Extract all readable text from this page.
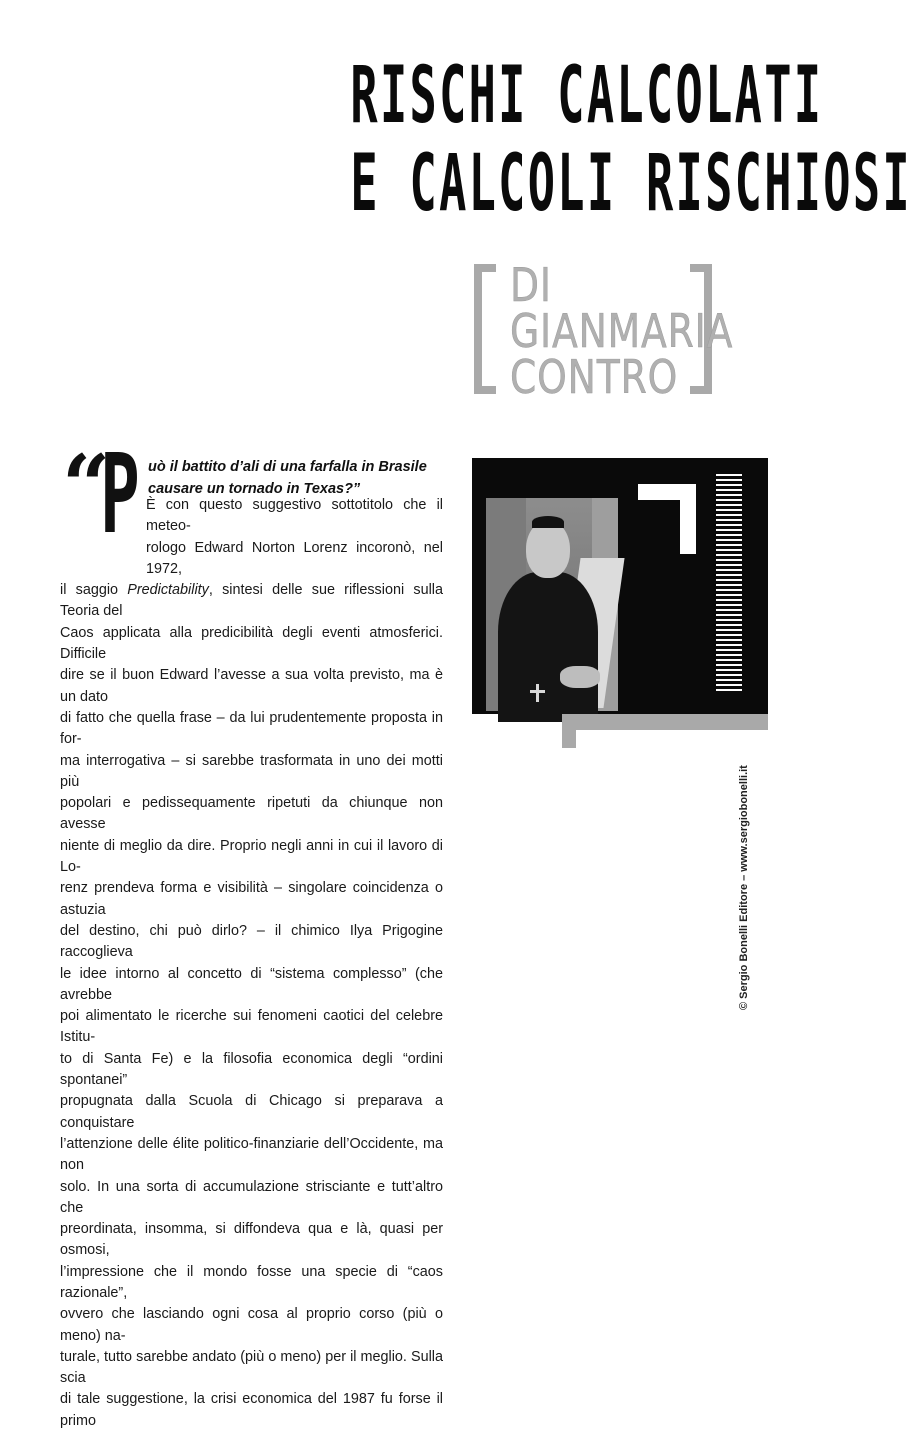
RISCHI CALCOLATI
E CALCOLI RISCHIOSI
DI
GIANMARIA
CONTRO
“
P uò il battito d’ali di una farfalla in Brasile causare un tornado in Texas?”
È con questo suggestivo sottotitolo che il meteo-
rologo Edward Norton Lorenz incoronò, nel 1972,
il saggio Predictability, sintesi delle sue riflessioni sulla Teoria del
Caos applicata alla predicibilità degli eventi atmosferici. Difficile
dire se il buon Edward l’avesse a sua volta previsto, ma è un dato
di fatto che quella frase – da lui prudentemente proposta in for-
ma interrogativa – si sarebbe trasformata in uno dei motti più
popolari e pedissequamente ripetuti da chiunque non avesse
niente di meglio da dire. Proprio negli anni in cui il lavoro di Lo-
renz prendeva forma e visibilità – singolare coincidenza o astuzia
del destino, chi può dirlo? – il chimico Ilya Prigogine raccoglieva
le idee intorno al concetto di “sistema complesso” (che avrebbe
poi alimentato le ricerche sui fenomeni caotici del celebre Istitu-
to di Santa Fe) e la filosofia economica degli “ordini spontanei”
propugnata dalla Scuola di Chicago si preparava a conquistare
l’attenzione delle élite politico-finanziarie dell’Occidente, ma non
solo. In una sorta di accumulazione strisciante e tutt’altro che
preordinata, insomma, si diffondeva qua e là, quasi per osmosi,
l’impressione che il mondo fosse una specie di “caos razionale”,
ovvero che lasciando ogni cosa al proprio corso (più o meno) na-
turale, tutto sarebbe andato (più o meno) per il meglio. Sulla scia
di tale suggestione, la crisi economica del 1987 fu forse il primo
© Sergio Bonelli Editore – www.sergiobonelli.it
